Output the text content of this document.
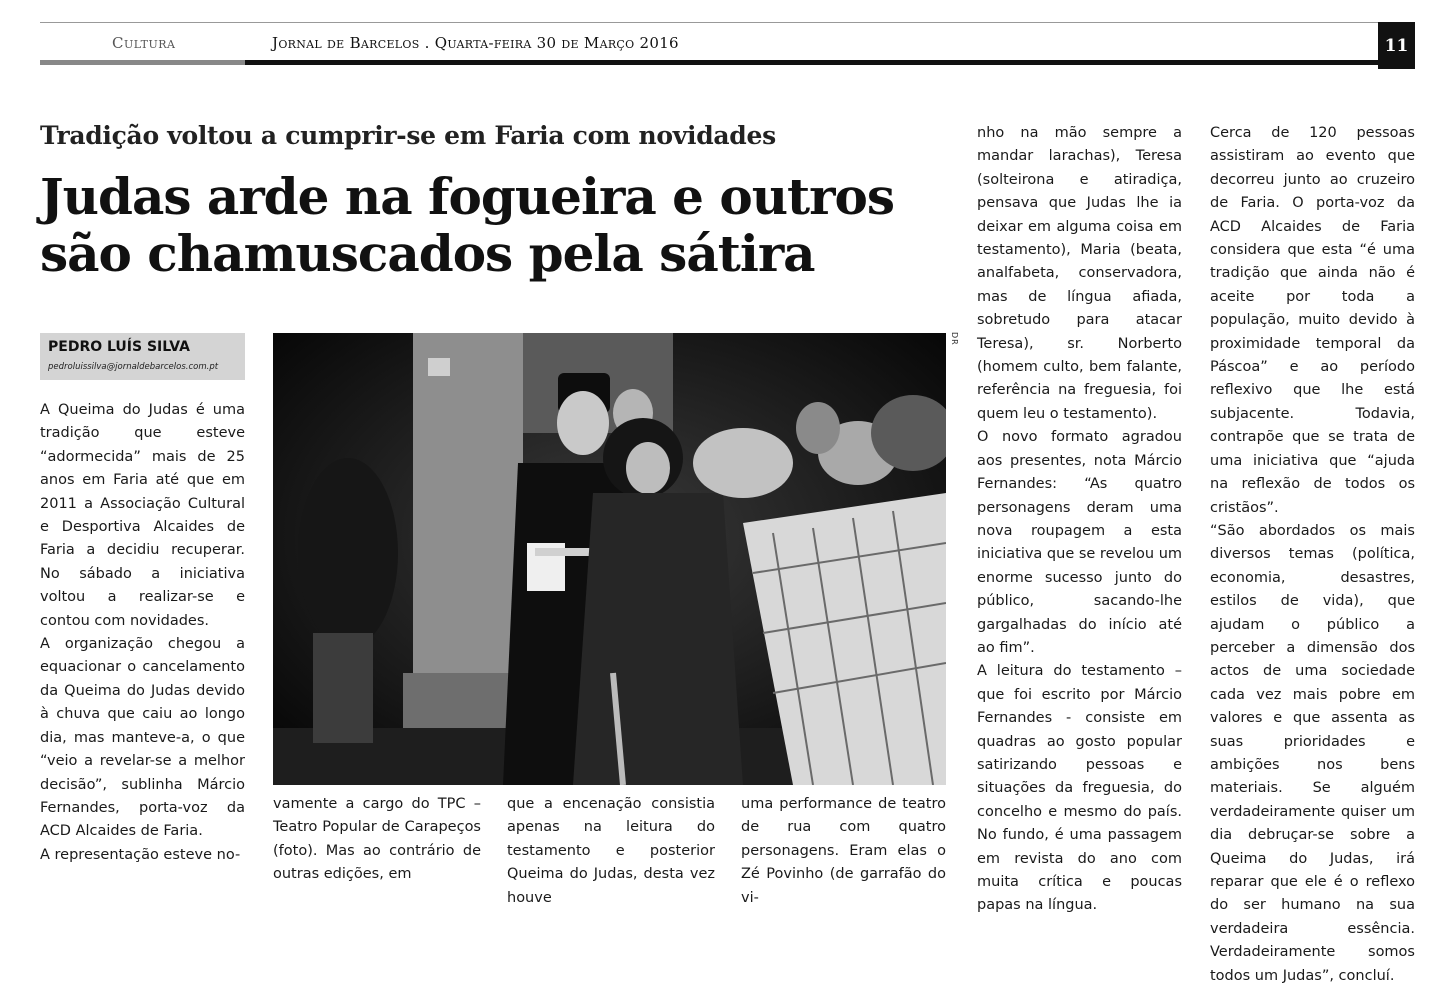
Cultura	Jornal de Barcelos . Quarta-feira 30 de Março 2016	11
Tradição voltou a cumprir-se em Faria com novidades
Judas arde na fogueira e outros são chamuscados pela sátira
PEDRO LUÍS SILVA
pedroluissilva@jornaldebarcelos.com.pt

A Queima do Judas é uma tradição que esteve “adormecida” mais de 25 anos em Faria até que em 2011 a Associação Cultural e Desportiva Alcaides de Faria a decidiu recuperar. No sábado a iniciativa voltou a realizar-se e contou com novidades.

A organização chegou a equacionar o cancelamento da Queima do Judas devido à chuva que caiu ao longo dia, mas manteve-a, o que “veio a revelar-se a melhor decisão”, sublinha Márcio Fernandes, porta-voz da ACD Alcaides de Faria.

A representação esteve no-

DR

vamente a cargo do TPC – Teatro Popular de Carapeços (foto). Mas ao contrário de outras edições, em

que a encenação consistia apenas na leitura do testamento e posterior Queima do Judas, desta vez houve

uma performance de teatro de rua com quatro personagens. Eram elas o Zé Povinho (de garrafão do vi-

nho na mão sempre a mandar larachas), Teresa (solteirona e atiradiça, pensava que Judas lhe ia deixar em alguma coisa em testamento), Maria (beata, analfabeta, conservadora, mas de língua afiada, sobretudo para atacar Teresa), sr. Norberto (homem culto, bem falante, referência na freguesia, foi quem leu o testamento).

O novo formato agradou aos presentes, nota Márcio Fernandes: “As quatro personagens deram uma nova roupagem a esta iniciativa que se revelou um enorme sucesso junto do público, sacando-lhe gargalhadas do início até ao fim”.

A leitura do testamento – que foi escrito por Márcio Fernandes - consiste em quadras ao gosto popular satirizando pessoas e situações da freguesia, do concelho e mesmo do país. No fundo, é uma passagem em revista do ano com muita crítica e poucas papas na língua.

Cerca de 120 pessoas assistiram ao evento que decorreu junto ao cruzeiro de Faria. O porta-voz da ACD Alcaides de Faria considera que esta “é uma tradição que ainda não é aceite por toda a população, muito devido à proximidade temporal da Páscoa” e ao período reflexivo que lhe está subjacente. Todavia, contrapõe que se trata de uma iniciativa que “ajuda na reflexão de todos os cristãos”.

“São abordados os mais diversos temas (política, economia, desastres, estilos de vida), que ajudam o público a perceber a dimensão dos actos de uma sociedade cada vez mais pobre em valores e que assenta as suas prioridades e ambições nos bens materiais. Se alguém verdadeiramente quiser um dia debruçar-se sobre a Queima do Judas, irá reparar que ele é o reflexo do ser humano na sua verdadeira essência. Verdadeiramente somos todos um Judas”, concluí.
